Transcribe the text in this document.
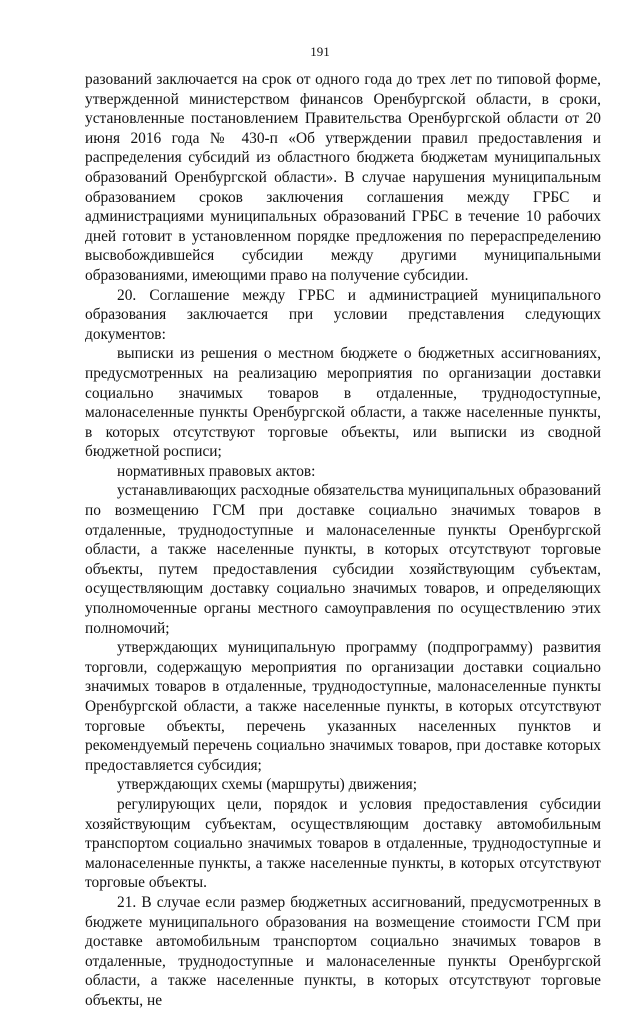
191

разований заключается на срок от одного года до трех лет по типовой форме, утвержденной министерством финансов Оренбургской области, в сроки, установленные постановлением Правительства Оренбургской области от 20 июня 2016 года № 430-п «Об утверждении правил предоставления и распределения субсидий из областного бюджета бюджетам муниципальных образований Оренбургской области». В случае нарушения муниципальным образованием сроков заключения соглашения между ГРБС и администрациями муниципальных образований ГРБС в течение 10 рабочих дней готовит в установленном порядке предложения по перераспределению высвобождившейся субсидии между другими муниципальными образованиями, имеющими право на получение субсидии.

20. Соглашение между ГРБС и администрацией муниципального образования заключается при условии представления следующих документов:

выписки из решения о местном бюджете о бюджетных ассигнованиях, предусмотренных на реализацию мероприятия по организации доставки социально значимых товаров в отдаленные, труднодоступные, малонаселенные пункты Оренбургской области, а также населенные пункты, в которых отсутствуют торговые объекты, или выписки из сводной бюджетной росписи;

нормативных правовых актов:

устанавливающих расходные обязательства муниципальных образований по возмещению ГСМ при доставке социально значимых товаров в отдаленные, труднодоступные и малонаселенные пункты Оренбургской области, а также населенные пункты, в которых отсутствуют торговые объекты, путем предоставления субсидии хозяйствующим субъектам, осуществляющим доставку социально значимых товаров, и определяющих уполномоченные органы местного самоуправления по осуществлению этих полномочий;

утверждающих муниципальную программу (подпрограмму) развития торговли, содержащую мероприятия по организации доставки социально значимых товаров в отдаленные, труднодоступные, малонаселенные пункты Оренбургской области, а также населенные пункты, в которых отсутствуют торговые объекты, перечень указанных населенных пунктов и рекомендуемый перечень социально значимых товаров, при доставке которых предоставляется субсидия;

утверждающих схемы (маршруты) движения;

регулирующих цели, порядок и условия предоставления субсидии хозяйствующим субъектам, осуществляющим доставку автомобильным транспортом социально значимых товаров в отдаленные, труднодоступные и малонаселенные пункты, а также населенные пункты, в которых отсутствуют торговые объекты.

21. В случае если размер бюджетных ассигнований, предусмотренных в бюджете муниципального образования на возмещение стоимости ГСМ при доставке автомобильным транспортом социально значимых товаров в отдаленные, труднодоступные и малонаселенные пункты Оренбургской области, а также населенные пункты, в которых отсутствуют торговые объекты, не
